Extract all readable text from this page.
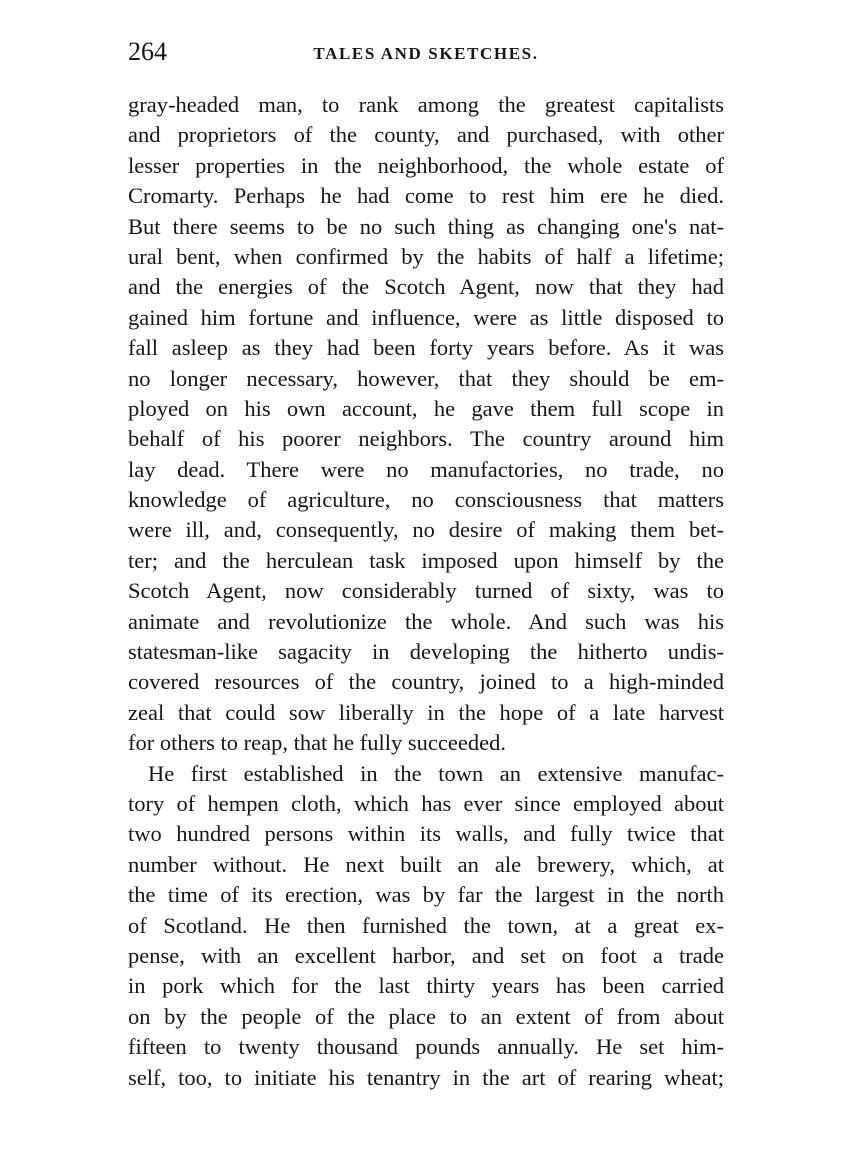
264	TALES AND SKETCHES.
gray-headed man, to rank among the greatest capitalists
and proprietors of the county, and purchased, with other
lesser properties in the neighborhood, the whole estate of
Cromarty. Perhaps he had come to rest him ere he died.
But there seems to be no such thing as changing one's nat-
ural bent, when confirmed by the habits of half a lifetime;
and the energies of the Scotch Agent, now that they had
gained him fortune and influence, were as little disposed to
fall asleep as they had been forty years before. As it was
no longer necessary, however, that they should be em-
ployed on his own account, he gave them full scope in
behalf of his poorer neighbors. The country around him
lay dead. There were no manufactories, no trade, no
knowledge of agriculture, no consciousness that matters
were ill, and, consequently, no desire of making them bet-
ter; and the herculean task imposed upon himself by the
Scotch Agent, now considerably turned of sixty, was to
animate and revolutionize the whole. And such was his
statesman-like sagacity in developing the hitherto undis-
covered resources of the country, joined to a high-minded
zeal that could sow liberally in the hope of a late harvest
for others to reap, that he fully succeeded.
He first established in the town an extensive manufac-
tory of hempen cloth, which has ever since employed about
two hundred persons within its walls, and fully twice that
number without. He next built an ale brewery, which, at
the time of its erection, was by far the largest in the north
of Scotland. He then furnished the town, at a great ex-
pense, with an excellent harbor, and set on foot a trade
in pork which for the last thirty years has been carried
on by the people of the place to an extent of from about
fifteen to twenty thousand pounds annually. He set him-
self, too, to initiate his tenantry in the art of rearing wheat;
